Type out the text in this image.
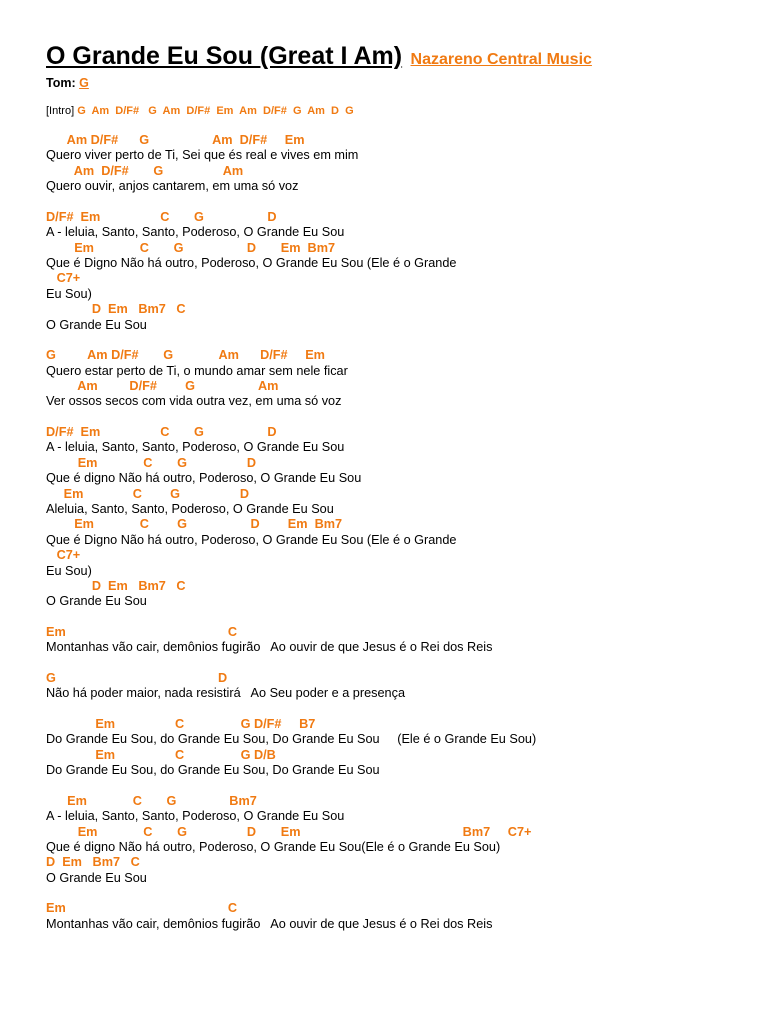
O Grande Eu Sou (Great I Am) Nazareno Central Music
Tom: G
[Intro] G  Am  D/F#   G  Am  D/F#  Em  Am  D/F#  G  Am  D  G
Am D/F#      G                  Am  D/F#     Em
Quero viver perto de Ti, Sei que és real e vives em mim
Am  D/F#       G                 Am
Quero ouvir, anjos cantarem, em uma só voz
D/F#  Em                 C       G                  D
A - leluia, Santo, Santo, Poderoso, O Grande Eu Sou
Em             C       G                  D       Em  Bm7
Que é Digno Não há outro, Poderoso, O Grande Eu Sou (Ele é o Grande
C7+
Eu Sou)
D  Em   Bm7   C
O Grande Eu Sou
G         Am D/F#       G             Am      D/F#     Em
Quero estar perto de Ti, o mundo amar sem nele ficar
Am         D/F#        G                  Am
Ver ossos secos com vida outra vez, em uma só voz
D/F#  Em                 C       G                  D
A - leluia, Santo, Santo, Poderoso, O Grande Eu Sou
Em             C       G                 D
Que é digno Não há outro, Poderoso, O Grande Eu Sou
Em              C        G                 D
Aleluia, Santo, Santo, Poderoso, O Grande Eu Sou
Em             C        G                  D        Em  Bm7
Que é Digno Não há outro, Poderoso, O Grande Eu Sou (Ele é o Grande
C7+
Eu Sou)
D  Em   Bm7   C
O Grande Eu Sou
Em                                              C
Montanhas vão cair, demônios fugirão   Ao ouvir de que Jesus é o Rei dos Reis
G                                              D
Não há poder maior, nada resistirá   Ao Seu poder e a presença
Em                 C                G D/F#     B7
Do Grande Eu Sou, do Grande Eu Sou, Do Grande Eu Sou     (Ele é o Grande Eu Sou)
Em                 C                G D/B
Do Grande Eu Sou, do Grande Eu Sou, Do Grande Eu Sou
Em             C       G               Bm7
A - leluia, Santo, Santo, Poderoso, O Grande Eu Sou
Em             C       G                 D       Em                                              Bm7     C7+
Que é digno Não há outro, Poderoso, O Grande Eu Sou(Ele é o Grande Eu Sou)
D  Em   Bm7   C
O Grande Eu Sou
Em                                              C
Montanhas vão cair, demônios fugirão   Ao ouvir de que Jesus é o Rei dos Reis
